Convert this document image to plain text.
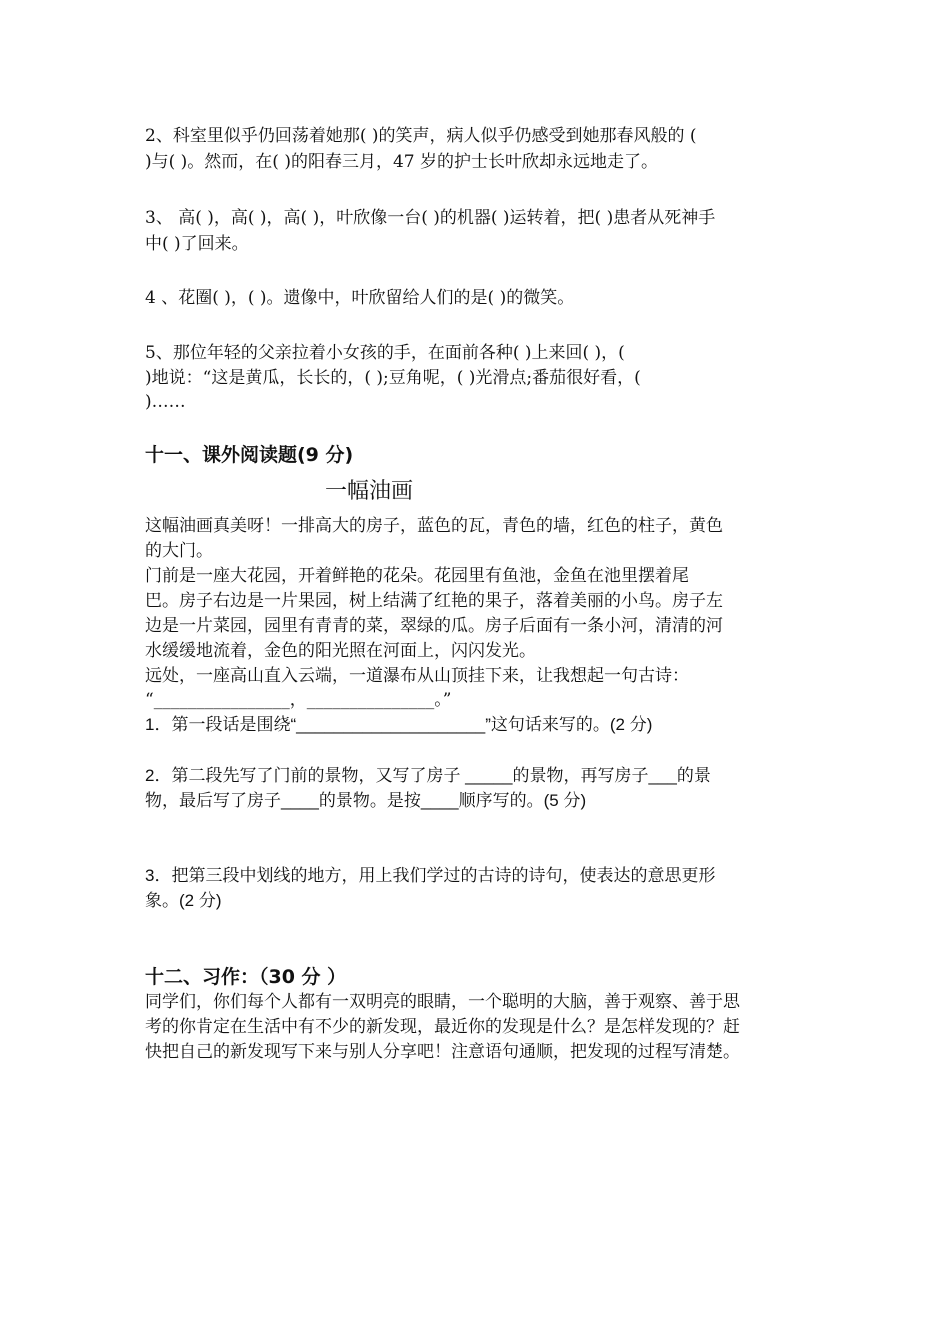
2、科室里似乎仍回荡着她那( )的笑声，病人似乎仍感受到她那春风般的 (
)与( )。然而，在( )的阳春三月，47 岁的护士长叶欣却永远地走了。
3、 高( )，高( )，高( )，叶欣像一台( )的机器( )运转着，把( )患者从死神手
中( )了回来。
4 、花圈( )，( )。遗像中，叶欣留给人们的是( )的微笑。
5、那位年轻的父亲拉着小女孩的手，在面前各种( )上来回( )，(
)地说：“这是黄瓜，长长的，( );豆角呢，( )光滑点;番茄很好看，(
)……
十一、课外阅读题(9 分)
一幅油画
这幅油画真美呀！一排高大的房子，蓝色的瓦，青色的墙，红色的柱子，黄色
的大门。
门前是一座大花园，开着鲜艳的花朵。花园里有鱼池，金鱼在池里摆着尾
巴。房子右边是一片果园，树上结满了红艳的果子，落着美丽的小鸟。房子左
边是一片菜园，园里有青青的菜，翠绿的瓜。房子后面有一条小河，清清的河
水缓缓地流着，金色的阳光照在河面上，闪闪发光。
远处，一座高山直入云端，一道瀑布从山顶挂下来，让我想起一句古诗：
“________________，_______________。”
1．第一段话是围绕“____________________”这句话来写的。(2 分)
2．第二段先写了门前的景物，又写了房子 _____的景物，再写房子___的景
物，最后写了房子____的景物。是按____顺序写的。(5 分)
3．把第三段中划线的地方，用上我们学过的古诗的诗句，使表达的意思更形
象。(2 分)
十二、习作：（30 分 ）
同学们，你们每个人都有一双明亮的眼睛，一个聪明的大脑，善于观察、善于思
考的你肯定在生活中有不少的新发现，最近你的发现是什么？是怎样发现的？赶
快把自己的新发现写下来与别人分享吧！注意语句通顺，把发现的过程写清楚。
